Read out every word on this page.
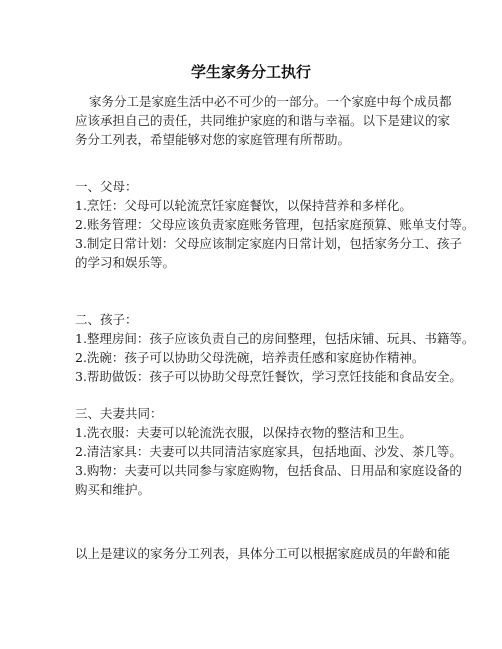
学生家务分工执行
家务分工是家庭生活中必不可少的一部分。一个家庭中每个成员都
应该承担自己的责任，共同维护家庭的和谐与幸福。以下是建议的家
务分工列表，希望能够对您的家庭管理有所帮助。

一、父母：

1.烹饪：父母可以轮流烹饪家庭餐饮，以保持营养和多样化。

2.账务管理：父母应该负责家庭账务管理，包括家庭预算、账单支付等。

3.制定日常计划：父母应该制定家庭内日常计划，包括家务分工、孩子

的学习和娱乐等。

二、孩子：

1.整理房间：孩子应该负责自己的房间整理，包括床铺、玩具、书籍等。

2.洗碗：孩子可以协助父母洗碗，培养责任感和家庭协作精神。

3.帮助做饭：孩子可以协助父母烹饪餐饮，学习烹饪技能和食品安全。

三、夫妻共同：

1.洗衣服：夫妻可以轮流洗衣服，以保持衣物的整洁和卫生。

2.清洁家具：夫妻可以共同清洁家庭家具，包括地面、沙发、茶几等。

3.购物：夫妻可以共同参与家庭购物，包括食品、日用品和家庭设备的

购买和维护。

以上是建议的家务分工列表，具体分工可以根据家庭成员的年龄和能
